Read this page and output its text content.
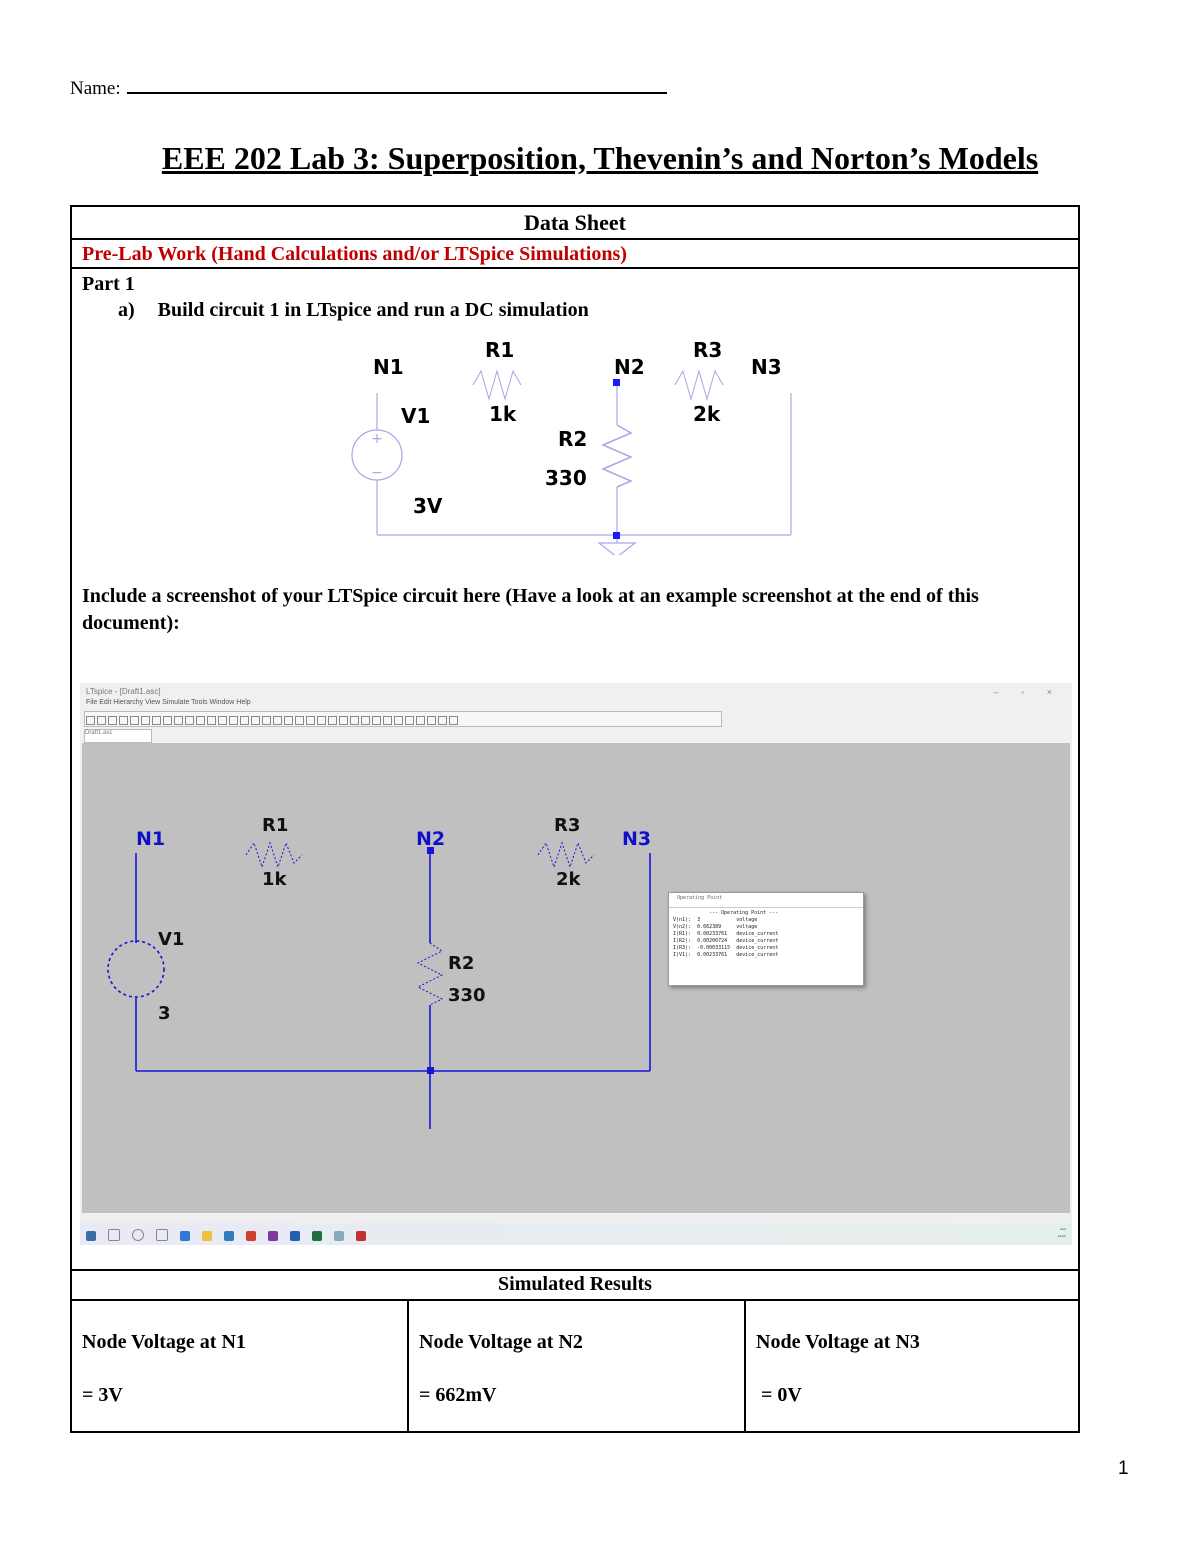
Name:
EEE 202 Lab 3: Superposition, Thevenin’s and Norton’s Models
Data Sheet
Pre-Lab Work (Hand Calculations and/or LTSpice Simulations)
Part 1
a) Build circuit 1 in LTspice and run a DC simulation
+
−
N1	N2	N3
V1
3V
R1
1k
R2
330
R3
2k
Include a screenshot of your LTSpice circuit here (Have a look at an example screenshot at the end of this document):
LTspice - [Draft1.asc]	– ▫ ×
File Edit Hierarchy View Simulate Tools Window Help
Draft1.asc
N1	N2	N3
V1
3
R1
1k
R2
330
R3
2k
Operating Point
--- Operating Point ---
V(n1):	3	voltage
V(n2):	0.662389	voltage
I(R1):	0.00233761	device_current
I(R2):	0.00200724	device_current
I(R3):	-0.00033115	device_current
I(V1):	0.00233761	device_current
▪▪▪
▪▪▪▪
Simulated Results
Node Voltage at N1
= 3V
Node Voltage at N2
= 662mV
Node Voltage at N3
= 0V
1
